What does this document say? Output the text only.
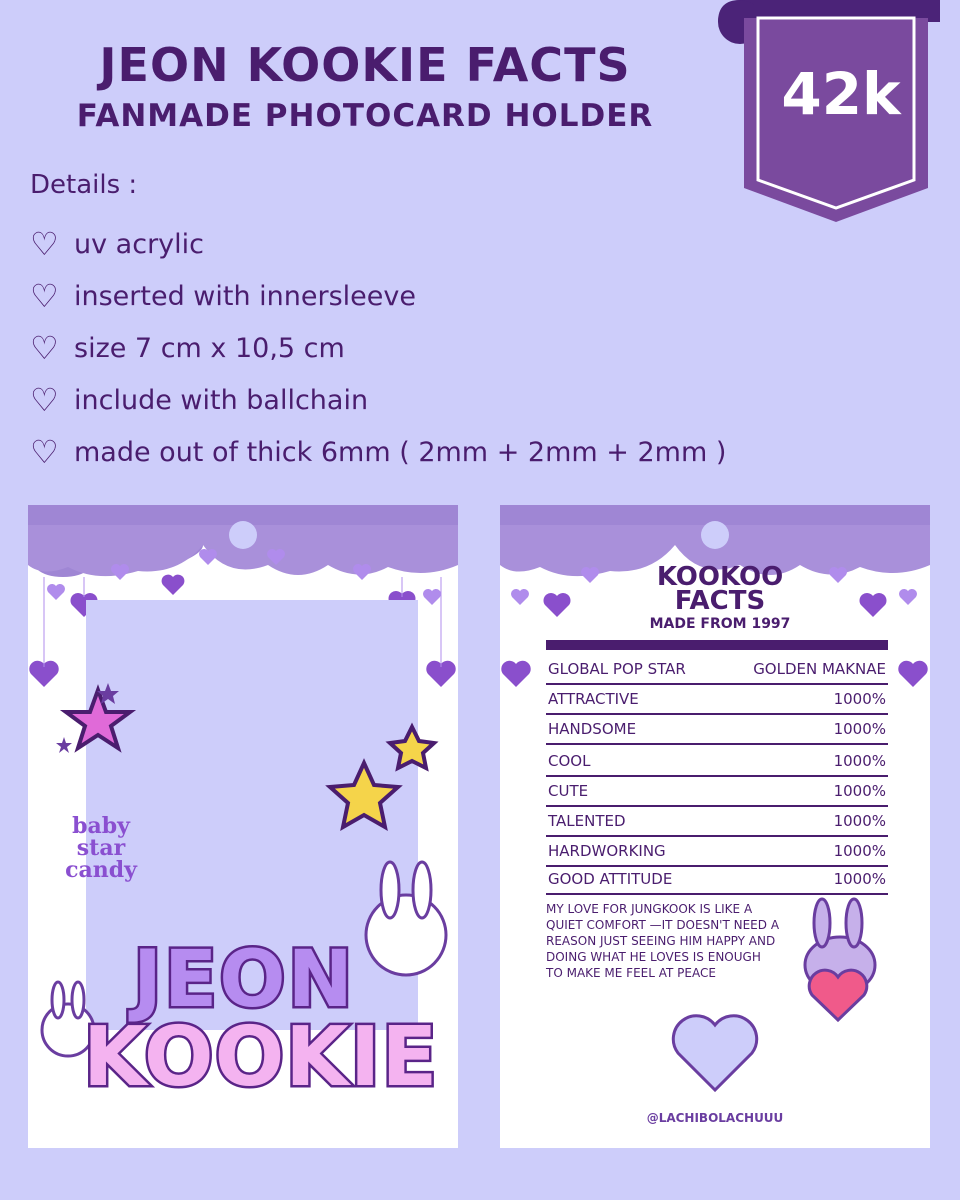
JEON KOOKIE FACTS
FANMADE PHOTOCARD HOLDER	42k
Details :
♡ uv acrylic
♡ inserted with innersleeve
♡ size 7 cm x 10,5 cm
♡ include with ballchain
♡ made out of thick 6mm ( 2mm + 2mm + 2mm )
baby
star
candy
JEON
KOOKIE
KOOKOO
FACTS
MADE FROM 1997
GLOBAL POP STAR	GOLDEN MAKNAE
ATTRACTIVE	1000%
HANDSOME	1000%
COOL	1000%
CUTE	1000%
TALENTED	1000%
HARDWORKING	1000%
GOOD ATTITUDE	1000%
MY LOVE FOR JUNGKOOK IS LIKE A QUIET COMFORT —IT DOESN'T NEED A REASON JUST SEEING HIM HAPPY AND DOING WHAT HE LOVES IS ENOUGH TO MAKE ME FEEL AT PEACE
@LACHIBOLACHUUU
